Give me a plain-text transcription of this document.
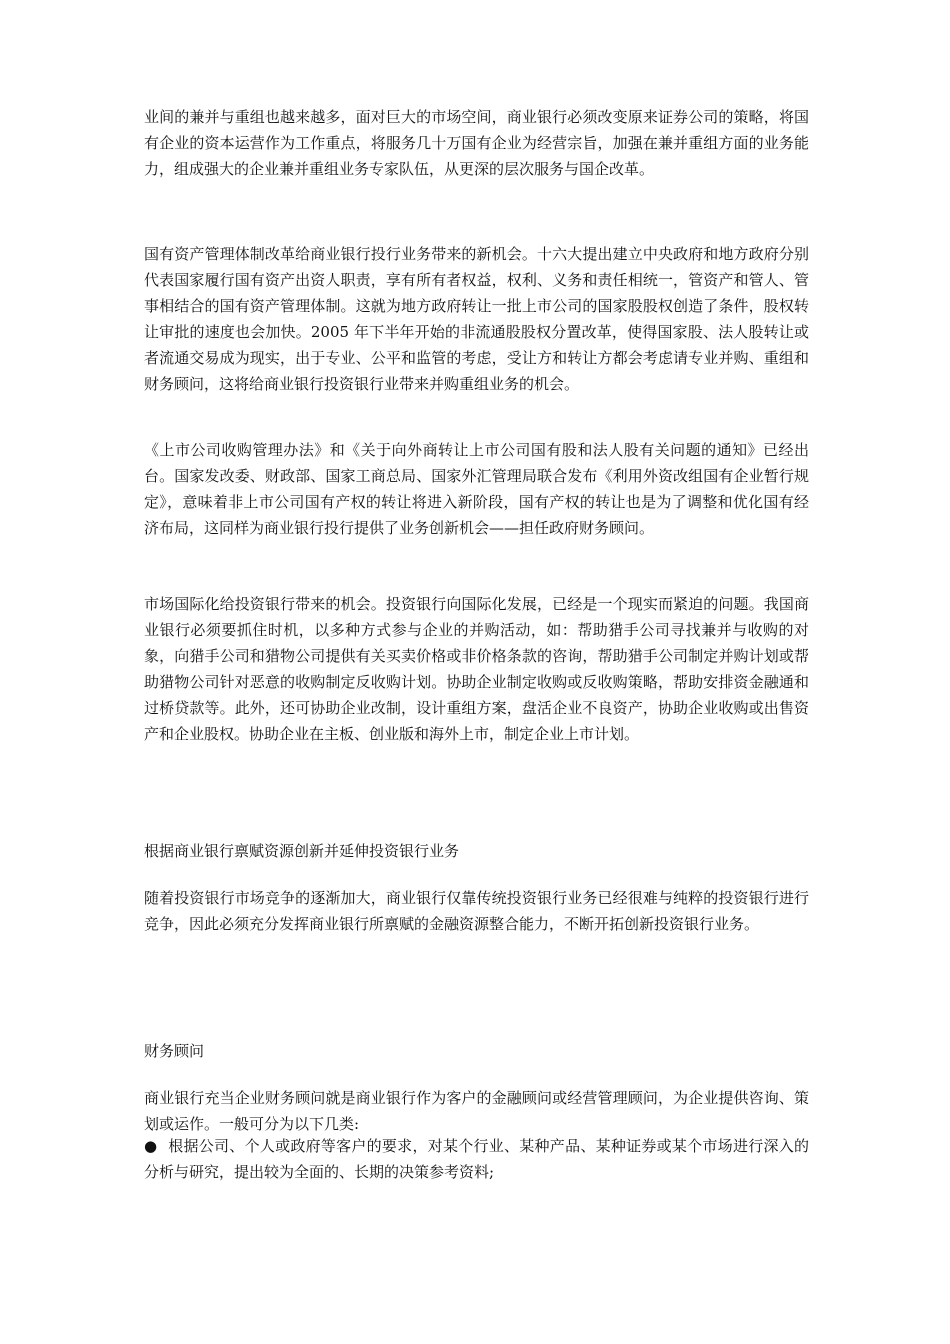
业间的兼并与重组也越来越多，面对巨大的市场空间，商业银行必须改变原来证券公司的策略，将国有企业的资本运营作为工作重点，将服务几十万国有企业为经营宗旨，加强在兼并重组方面的业务能力，组成强大的企业兼并重组业务专家队伍，从更深的层次服务与国企改革。

国有资产管理体制改革给商业银行投行业务带来的新机会。十六大提出建立中央政府和地方政府分别代表国家履行国有资产出资人职责，享有所有者权益，权利、义务和责任相统一，管资产和管人、管事相结合的国有资产管理体制。这就为地方政府转让一批上市公司的国家股股权创造了条件，股权转让审批的速度也会加快。2005 年下半年开始的非流通股股权分置改革，使得国家股、法人股转让或者流通交易成为现实，出于专业、公平和监管的考虑，受让方和转让方都会考虑请专业并购、重组和财务顾问，这将给商业银行投资银行业带来并购重组业务的机会。

《上市公司收购管理办法》和《关于向外商转让上市公司国有股和法人股有关问题的通知》已经出台。国家发改委、财政部、国家工商总局、国家外汇管理局联合发布《利用外资改组国有企业暂行规定》，意味着非上市公司国有产权的转让将进入新阶段，国有产权的转让也是为了调整和优化国有经济布局，这同样为商业银行投行提供了业务创新机会——担任政府财务顾问。

市场国际化给投资银行带来的机会。投资银行向国际化发展，已经是一个现实而紧迫的问题。我国商业银行必须要抓住时机，以多种方式参与企业的并购活动，如：帮助猎手公司寻找兼并与收购的对象，向猎手公司和猎物公司提供有关买卖价格或非价格条款的咨询，帮助猎手公司制定并购计划或帮助猎物公司针对恶意的收购制定反收购计划。协助企业制定收购或反收购策略，帮助安排资金融通和过桥贷款等。此外，还可协助企业改制，设计重组方案，盘活企业不良资产，协助企业收购或出售资产和企业股权。协助企业在主板、创业版和海外上市，制定企业上市计划。

根据商业银行禀赋资源创新并延伸投资银行业务

随着投资银行市场竞争的逐渐加大，商业银行仅靠传统投资银行业务已经很难与纯粹的投资银行进行竞争，因此必须充分发挥商业银行所禀赋的金融资源整合能力，不断开拓创新投资银行业务。

财务顾问

商业银行充当企业财务顾问就是商业银行作为客户的金融顾问或经营管理顾问，为企业提供咨询、策划或运作。一般可分为以下几类:

● 根据公司、个人或政府等客户的要求，对某个行业、某种产品、某种证券或某个市场进行深入的分析与研究，提出较为全面的、长期的决策参考资料;
